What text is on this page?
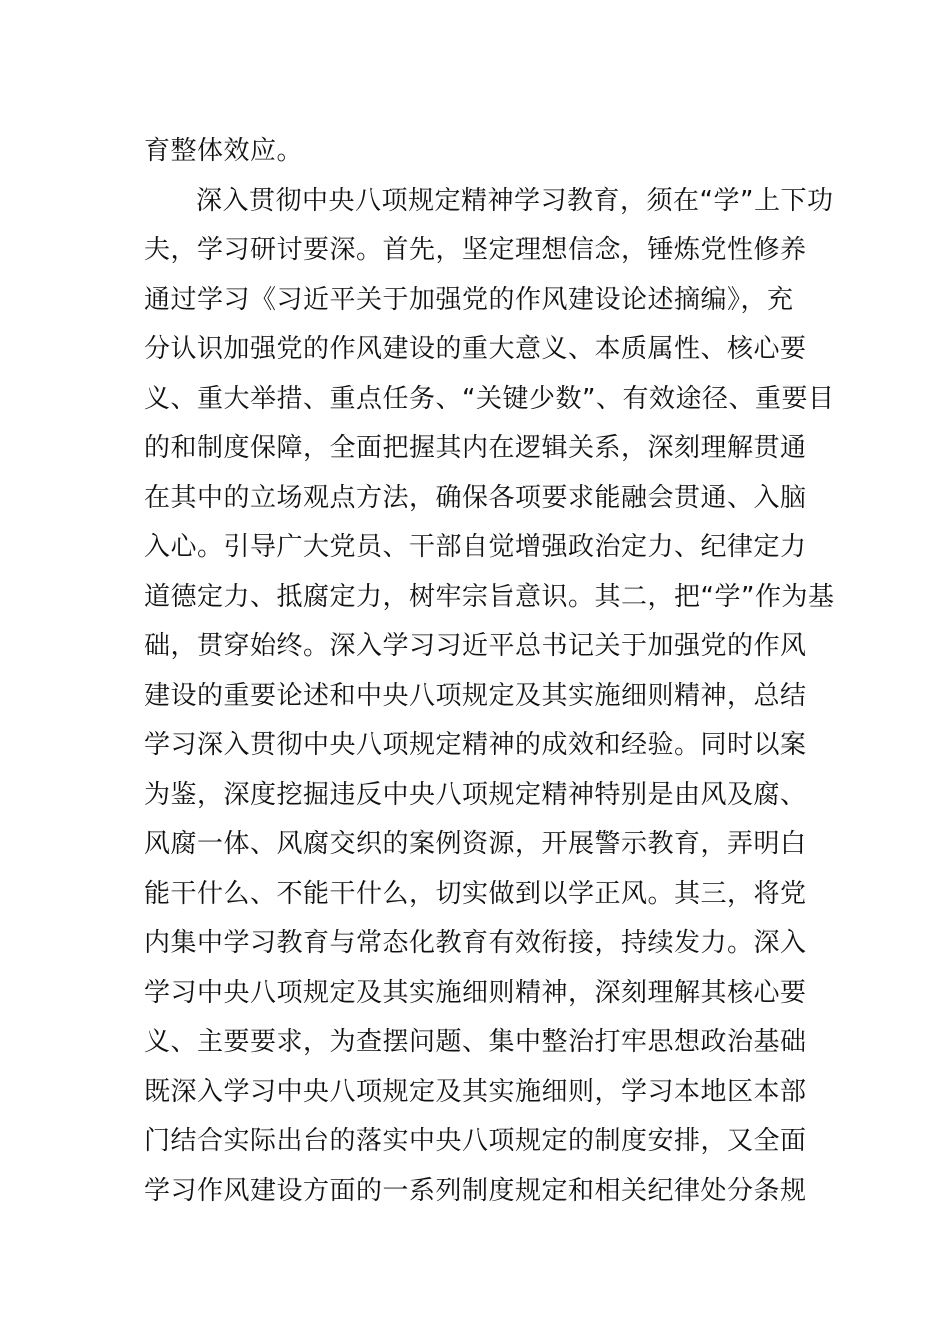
育整体效应。
深入贯彻中央八项规定精神学习教育，须在“学”上下功
夫，学习研讨要深。首先，坚定理想信念，锤炼党性修养
通过学习《习近平关于加强党的作风建设论述摘编》，充
分认识加强党的作风建设的重大意义、本质属性、核心要
义、重大举措、重点任务、“关键少数”、有效途径、重要目
的和制度保障，全面把握其内在逻辑关系，深刻理解贯通
在其中的立场观点方法，确保各项要求能融会贯通、入脑
入心。引导广大党员、干部自觉增强政治定力、纪律定力
道德定力、抵腐定力，树牢宗旨意识。其二，把“学”作为基
础，贯穿始终。深入学习习近平总书记关于加强党的作风
建设的重要论述和中央八项规定及其实施细则精神，总结
学习深入贯彻中央八项规定精神的成效和经验。同时以案
为鉴，深度挖掘违反中央八项规定精神特别是由风及腐、
风腐一体、风腐交织的案例资源，开展警示教育，弄明白
能干什么、不能干什么，切实做到以学正风。其三，将党
内集中学习教育与常态化教育有效衔接，持续发力。深入
学习中央八项规定及其实施细则精神，深刻理解其核心要
义、主要要求，为查摆问题、集中整治打牢思想政治基础
既深入学习中央八项规定及其实施细则，学习本地区本部
门结合实际出台的落实中央八项规定的制度安排，又全面
学习作风建设方面的一系列制度规定和相关纪律处分条规
